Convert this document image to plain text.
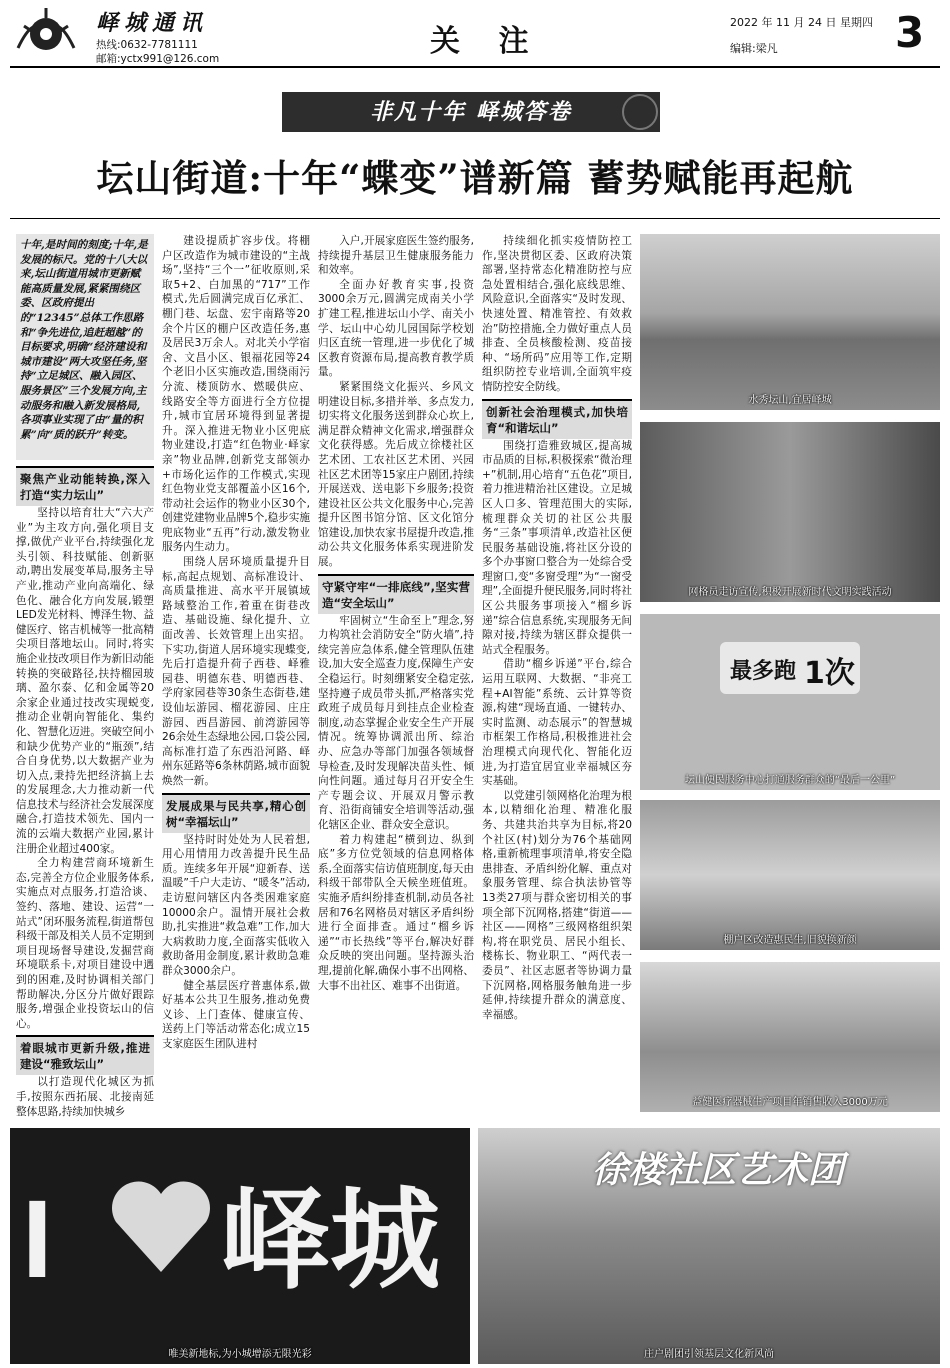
峄城通讯
热线:0632-7781111
邮箱:yctx991@126.com	关 注
2022 年 11 月 24 日 星期四
编辑:梁凡	3
非凡十年 峄城答卷
坛山街道:十年“蝶变”谱新篇 蓄势赋能再起航
十年,是时间的刻度;十年,是发展的标尺。党的十八大以来,坛山街道用城市更新赋能高质量发展,紧紧围绕区委、区政府提出的“12345”总体工作思路和“争先进位,追赶超越”的目标要求,明确“经济建设和城市建设”两大攻坚任务,坚持“立足城区、融入园区、服务景区”三个发展方向,主动服务和融入新发展格局,各项事业实现了由“量的积累”向“质的跃升”转变。
聚焦产业动能转换,深入打造“实力坛山”

坚持以培育壮大“六大产业”为主攻方向,强化项目支撑,做优产业平台,持续强化龙头引领、科技赋能、创新驱动,聘出发展变革局,服务主导产业,推动产业向高端化、绿色化、融合化方向发展,锻塑LED发光材料、博泽生物、益健医疗、铭吉机械等一批高精尖项目落地坛山。同时,将实施企业技改项目作为新旧动能转换的突破路径,扶持榴园玻璃、盈尔泰、亿和金属等20余家企业通过技改实现蜕变,推动企业朝向智能化、集约化、智慧化迈进。突破空间小和缺少优势产业的“瓶颈”,结合自身优势,以大数据产业为切入点,秉持先把经济搞上去的发展理念,大力推动新一代信息技术与经济社会发展深度融合,打造技术领先、国内一流的云端大数据产业园,累计注册企业超过400家。

全力构建营商环境新生态,完善全方位企业服务体系,实施点对点服务,打造洽谈、签约、落地、建设、运营“一站式”闭环服务流程,街道帮包科级干部及相关人员不定期到项目现场督导建设,发掘营商环境联系卡,对项目建设中遇到的困难,及时协调相关部门帮助解决,分区分片做好跟踪服务,增强企业投资坛山的信心。

着眼城市更新升级,推进建设“雅致坛山”

以打造现代化城区为抓手,按照东西拓展、北接南延整体思路,持续加快城乡

建设提质扩容步伐。将棚户区改造作为城市建设的“主战场”,坚持“三个一”征收原则,采取5+2、白加黑的“717”工作模式,先后圆满完成百亿承汇、棚门巷、坛盘、宏宇南路等20余个片区的棚户区改造任务,惠及居民3万余人。对北关小学宿舍、文昌小区、银福花园等24个老旧小区实施改造,围绕雨污分流、楼顶防水、燃暖供应、线路安全等方面进行全方位提升,城市宜居环境得到显著提升。深入推进无物业小区兜底物业建设,打造“红色物业·峄家亲”物业品牌,创新党支部领办+市场化运作的工作模式,实现红色物业党支部覆盖小区16个,带动社会运作的物业小区30个,创建党建物业品牌5个,稳步实施兜底物业“五再”行动,激发物业服务内生动力。

围绕人居环境质量提升目标,高起点规划、高标准设计、高质量推进、高水平开展镇域路域整治工作,着重在街巷改造、基础设施、绿化提升、立面改善、长效管理上出实招。下实功,街道人居环境实现蝶变,先后打造提升荷子西巷、峄雅园巷、明德东巷、明德西巷、学府家园巷等30条生态街巷,建设仙坛游园、榴花游园、庄庄游园、西昌游园、前湾游园等26余处生态绿地公园,口袋公园,高标准打造了东西沿河路、峄州东延路等6条林荫路,城市面貌焕然一新。

发展成果与民共享,精心创树“幸福坛山”

坚持时时处处为人民着想,用心用情用力改善提升民生品质。连续多年开展“迎新春、送温暖”千户大走访、“暖冬”活动,走访慰问辖区内各类困难家庭10000余户。温情开展社会救助,扎实推进“救急难”工作,加大大病救助力度,全面落实低收入救助备用金制度,累计救助急难群众3000余户。

健全基层医疗普惠体系,做好基本公共卫生服务,推动免费义诊、上门查体、健康宣传、送药上门等活动常态化;成立15支家庭医生团队进村

入户,开展家庭医生签约服务,持续提升基层卫生健康服务能力和效率。

全面办好教育实事,投资3000余万元,圆满完成南关小学扩建工程,推进坛山小学、南关小学、坛山中心幼儿园国际学校划归区直统一管理,进一步优化了城区教育资源布局,提高教育教学质量。

紧紧围绕文化振兴、乡风文明建设目标,多措并举、多点发力,切实将文化服务送到群众心坎上,满足群众精神文化需求,增强群众文化获得感。先后成立徐楼社区艺术团、工农社区艺术团、兴园社区艺术团等15家庄户剧团,持续开展送戏、送电影下乡服务;投资建设社区公共文化服务中心,完善提升区图书馆分馆、区文化馆分馆建设,加快农家书屋提升改造,推动公共文化服务体系实现进阶发展。

守紧守牢“一排底线”,坚实营造“安全坛山”

牢固树立“生命至上”理念,努力构筑社会消防安全“防火墙”,持续完善应急体系,健全管理队伍建设,加大安全巡查力度,保障生产安全稳运行。时刻绷紧安全稳定弦,坚持遵子成员带头抓,严格落实党政班子成员每月到挂点企业检查制度,动态掌握企业安全生产开展情况。统筹协调派出所、综治办、应急办等部门加强各领域督导检查,及时发现解决苗头性、倾向性问题。通过每月召开安全生产专题会议、开展双月警示教育、沿街商铺安全培训等活动,强化辖区企业、群众安全意识。

着力构建起“横到边、纵到底”多方位党领域的信息网格体系,全面落实信访值班制度,每天由科级干部带队全天候坐班值班。实施矛盾纠纷排查机制,动员各社居和76名网格员对辖区矛盾纠纷进行全面排查。通过“榴乡诉递”“市长热线”等平台,解决好群众反映的突出问题。坚持源头治理,提前化解,确保小事不出网格、大事不出社区、难事不出街道。

持续细化抓实疫情防控工作,坚决贯彻区委、区政府决策部署,坚持常态化精准防控与应急处置相结合,强化底线思维、风险意识,全面落实“及时发现、快速处置、精准管控、有效救治”防控措施,全力做好重点人员排查、全员核酸检测、疫苗接种、“场所码”应用等工作,定期组织防控专业培训,全面筑牢疫情防控安全防线。

创新社会治理模式,加快培育“和谐坛山”

围绕打造雅致城区,提高城市品质的目标,积极探索“微治理+”机制,用心培育“五色花”项目,着力推进精治社区建设。立足城区人口多、管理范围大的实际,梳理群众关切的社区公共服务“三条”事项清单,改造社区便民服务基础设施,将社区分设的多个办事窗口整合为一处综合受理窗口,变“多窗受理”为“一窗受理”,全面提升便民服务,同时将社区公共服务事项接入“榴乡诉递”综合信息系统,实现服务无间隙对接,持续为辖区群众提供一站式全程服务。

借助“榴乡诉递”平台,综合运用互联网、大数据、“非亮工程+AI智能”系统、云计算等资源,构建“现场直通、一键转办、实时监测、动态展示”的智慧城市框架工作格局,积极推进社会治理模式向现代化、智能化迈进,为打造宜居宜业幸福城区夯实基础。

以党建引领网格化治理为根本,以精细化治理、精准化服务、共建共治共享为目标,将20个社区(村)划分为76个基础网格,重新梳理事项清单,将安全隐患排查、矛盾纠纷化解、重点对象服务管理、综合执法协管等13类27项与群众密切相关的事项全部下沉网格,搭建“街道——社区——网格”三级网格组织架构,将在职党员、居民小组长、楼栋长、物业职工、“两代表一委员”、社区志愿者等协调力量下沉网格,网格服务触角进一步延伸,持续提升群众的满意度、幸福感。

水秀坛山,宜居峄城
网格员走访宣传,积极开展新时代文明实践活动
最多跑 1次
坛山便民服务中心打通服务群众的“最后一公里”
棚户区改造惠民生,旧貌换新颜
益健医疗器械生产项目年销售收入3000万元
I 峄城
唯美新地标,为小城增添无限光彩
徐楼社区艺术团
庄户剧团引领基层文化新风尚
